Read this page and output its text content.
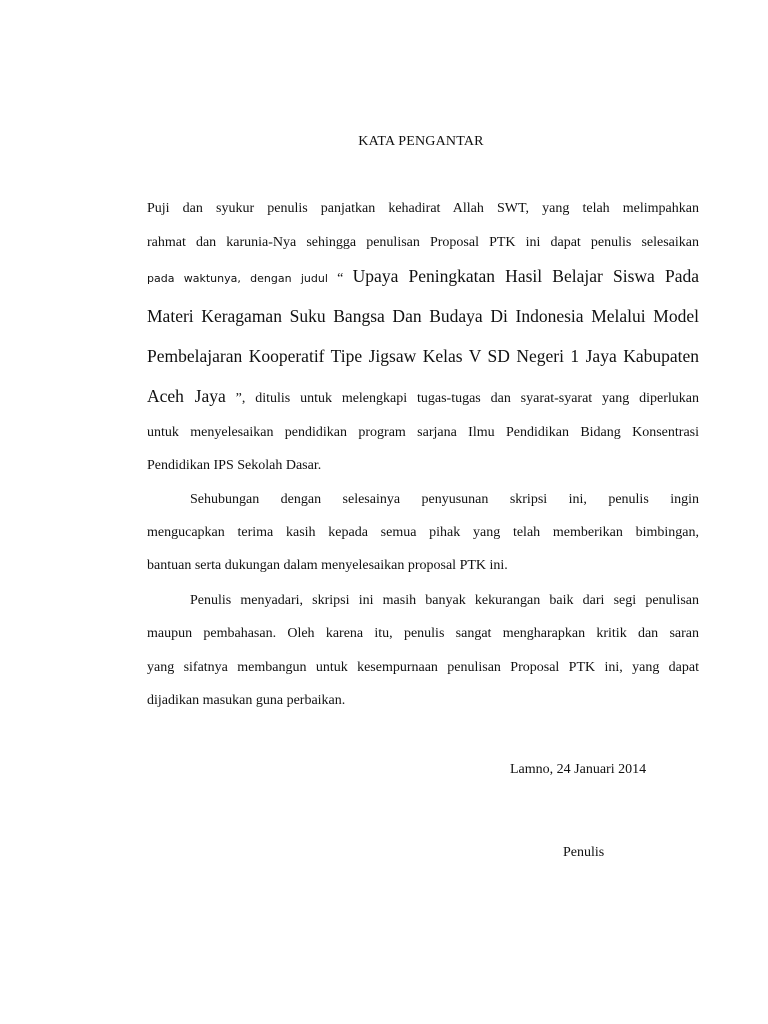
KATA PENGANTAR

Puji dan syukur penulis panjatkan kehadirat Allah SWT, yang telah melimpahkan

rahmat dan karunia-Nya sehingga penulisan Proposal PTK ini dapat penulis selesaikan

pada waktunya, dengan judul “ Upaya Peningkatan Hasil Belajar Siswa Pada

Materi Keragaman Suku Bangsa Dan Budaya Di Indonesia Melalui Model

Pembelajaran Kooperatif Tipe Jigsaw Kelas V SD Negeri 1 Jaya Kabupaten

Aceh Jaya ”, ditulis untuk melengkapi tugas-tugas dan syarat-syarat yang diperlukan

untuk menyelesaikan pendidikan program sarjana Ilmu Pendidikan Bidang Konsentrasi

Pendidikan IPS Sekolah Dasar.

Sehubungan dengan selesainya penyusunan skripsi ini, penulis ingin

mengucapkan terima kasih kepada semua pihak yang telah memberikan bimbingan,

bantuan serta dukungan dalam menyelesaikan proposal PTK ini.

Penulis menyadari, skripsi ini masih banyak kekurangan baik dari segi penulisan

maupun pembahasan. Oleh karena itu, penulis sangat mengharapkan kritik dan saran

yang sifatnya membangun untuk kesempurnaan penulisan Proposal PTK ini, yang dapat

dijadikan masukan guna perbaikan.

Lamno, 24 Januari 2014

Penulis
